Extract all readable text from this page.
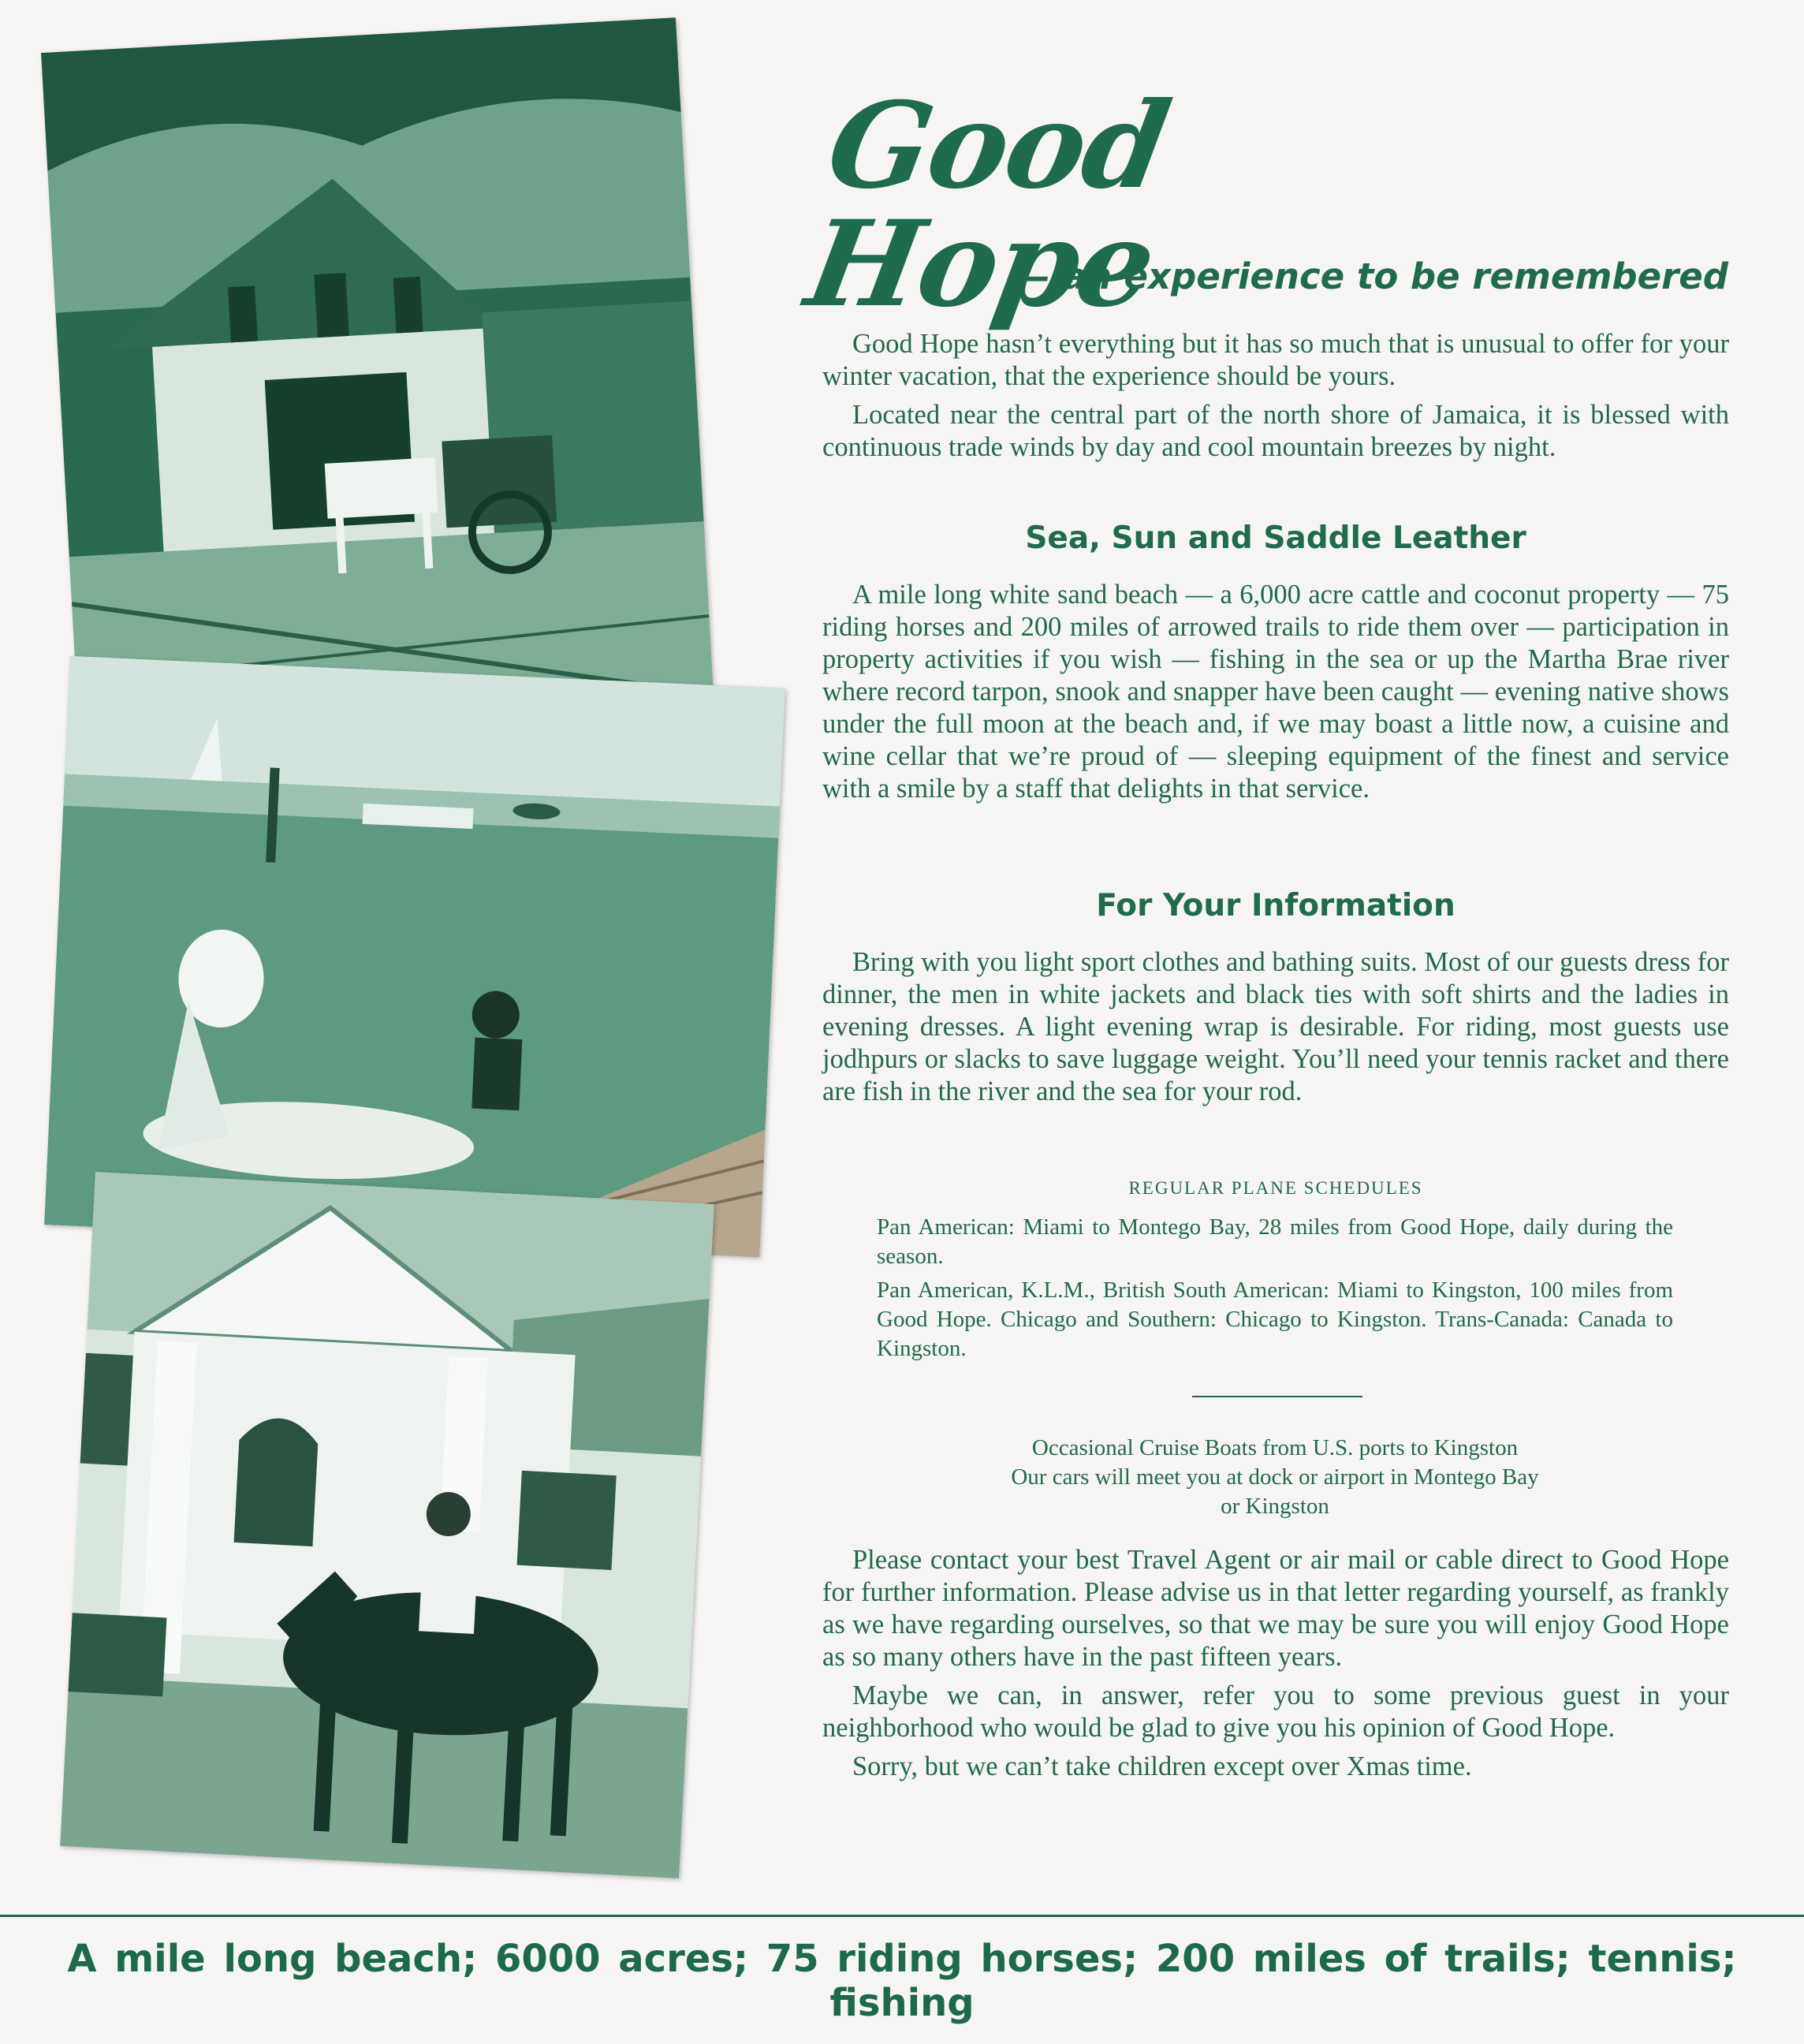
Good Hope

— an experience to be remembered

Good Hope hasn’t everything but it has so much that is unusual to offer for your winter vacation, that the experience should be yours.

Located near the central part of the north shore of Jamaica, it is blessed with continuous trade winds by day and cool mountain breezes by night.

Sea, Sun and Saddle Leather

A mile long white sand beach — a 6,000 acre cattle and coconut property — 75 riding horses and 200 miles of arrowed trails to ride them over — participation in property activities if you wish — fishing in the sea or up the Martha Brae river where record tarpon, snook and snapper have been caught — evening native shows under the full moon at the beach and, if we may boast a little now, a cuisine and wine cellar that we’re proud of — sleeping equipment of the finest and service with a smile by a staff that delights in that service.

For Your Information

Bring with you light sport clothes and bathing suits. Most of our guests dress for dinner, the men in white jackets and black ties with soft shirts and the ladies in evening dresses. A light evening wrap is desirable. For riding, most guests use jodhpurs or slacks to save luggage weight. You’ll need your tennis racket and there are fish in the river and the sea for your rod.

REGULAR PLANE SCHEDULES

Pan American: Miami to Montego Bay, 28 miles from Good Hope, daily during the season.

Pan American, K.L.M., British South American: Miami to Kingston, 100 miles from Good Hope. Chicago and Southern: Chicago to Kingston. Trans-Canada: Canada to Kingston.

Occasional Cruise Boats from U.S. ports to Kingston

Our cars will meet you at dock or airport in Montego Bay

or Kingston

Please contact your best Travel Agent or air mail or cable direct to Good Hope for further information. Please advise us in that letter regarding yourself, as frankly as we have regarding ourselves, so that we may be sure you will enjoy Good Hope as so many others have in the past fifteen years.

Maybe we can, in answer, refer you to some previous guest in your neighborhood who would be glad to give you his opinion of Good Hope.

Sorry, but we can’t take children except over Xmas time.

A mile long beach; 6000 acres; 75 riding horses; 200 miles of trails; tennis; fishing
